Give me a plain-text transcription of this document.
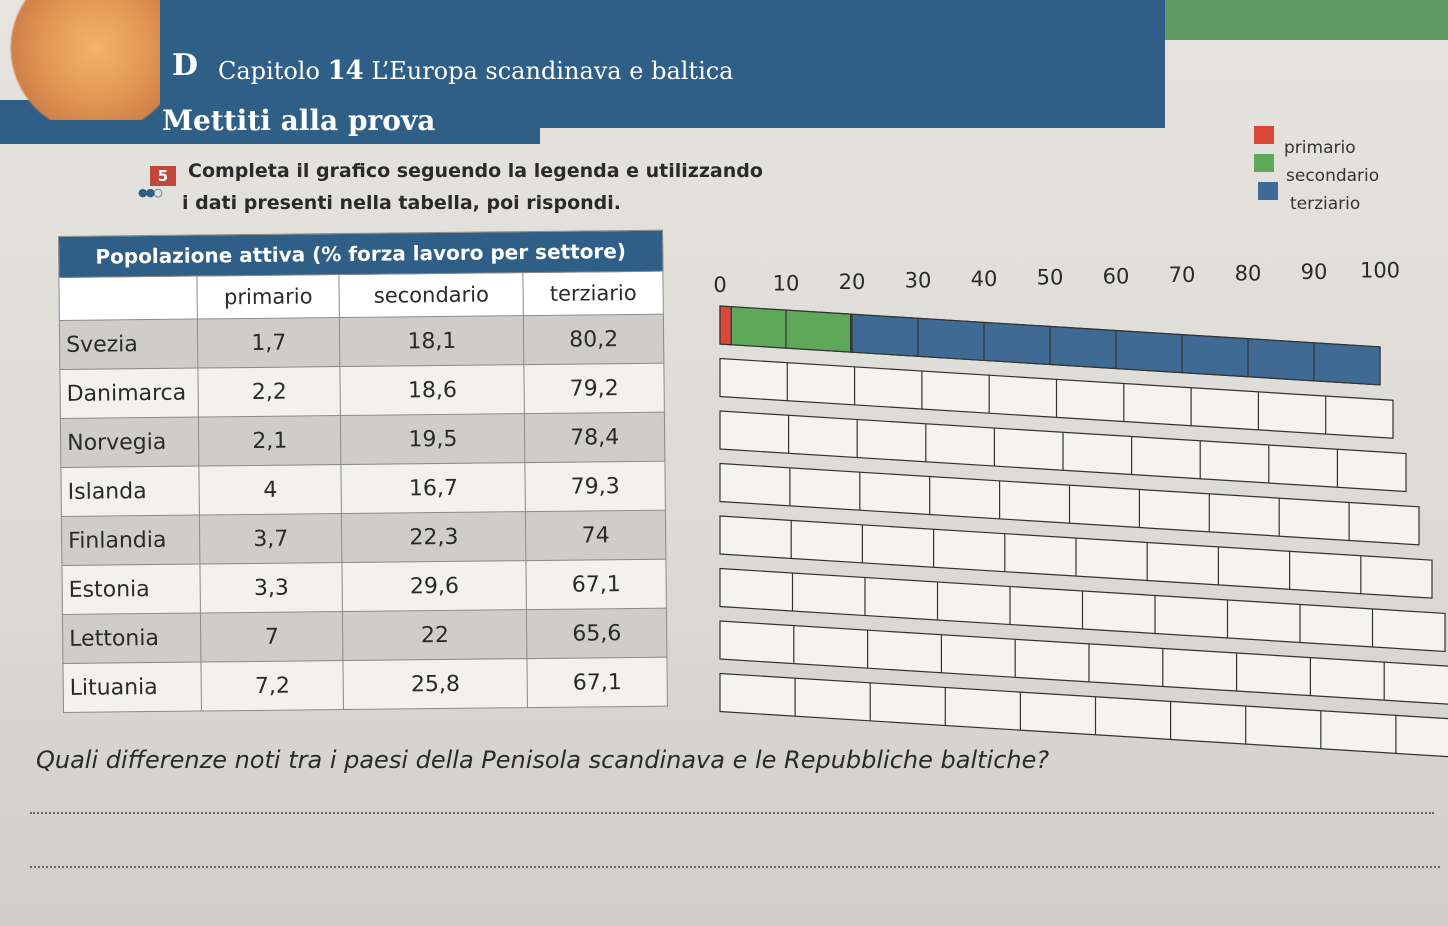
D Capitolo 14 L’Europa scandinava e baltica
Mettiti alla prova
5
●●○
Completa il grafico seguendo la legenda e utilizzando
i dati presenti nella tabella, poi rispondi.
primario
secondario
terziario
Popolazione attiva (% forza lavoro per settore)			
	primario	secondario	terziario
Svezia	1,7	18,1	80,2
Danimarca	2,2	18,6	79,2
Norvegia	2,1	19,5	78,4
Islanda	4	16,7	79,3
Finlandia	3,7	22,3	74
Estonia	3,3	29,6	67,1
Lettonia	7	22	65,6
Lituania	7,2	25,8	67,1
0 10 20 30 40 50 60 70 80 90 100
Quali differenze noti tra i paesi della Penisola scandinava e le Repubbliche baltiche?
